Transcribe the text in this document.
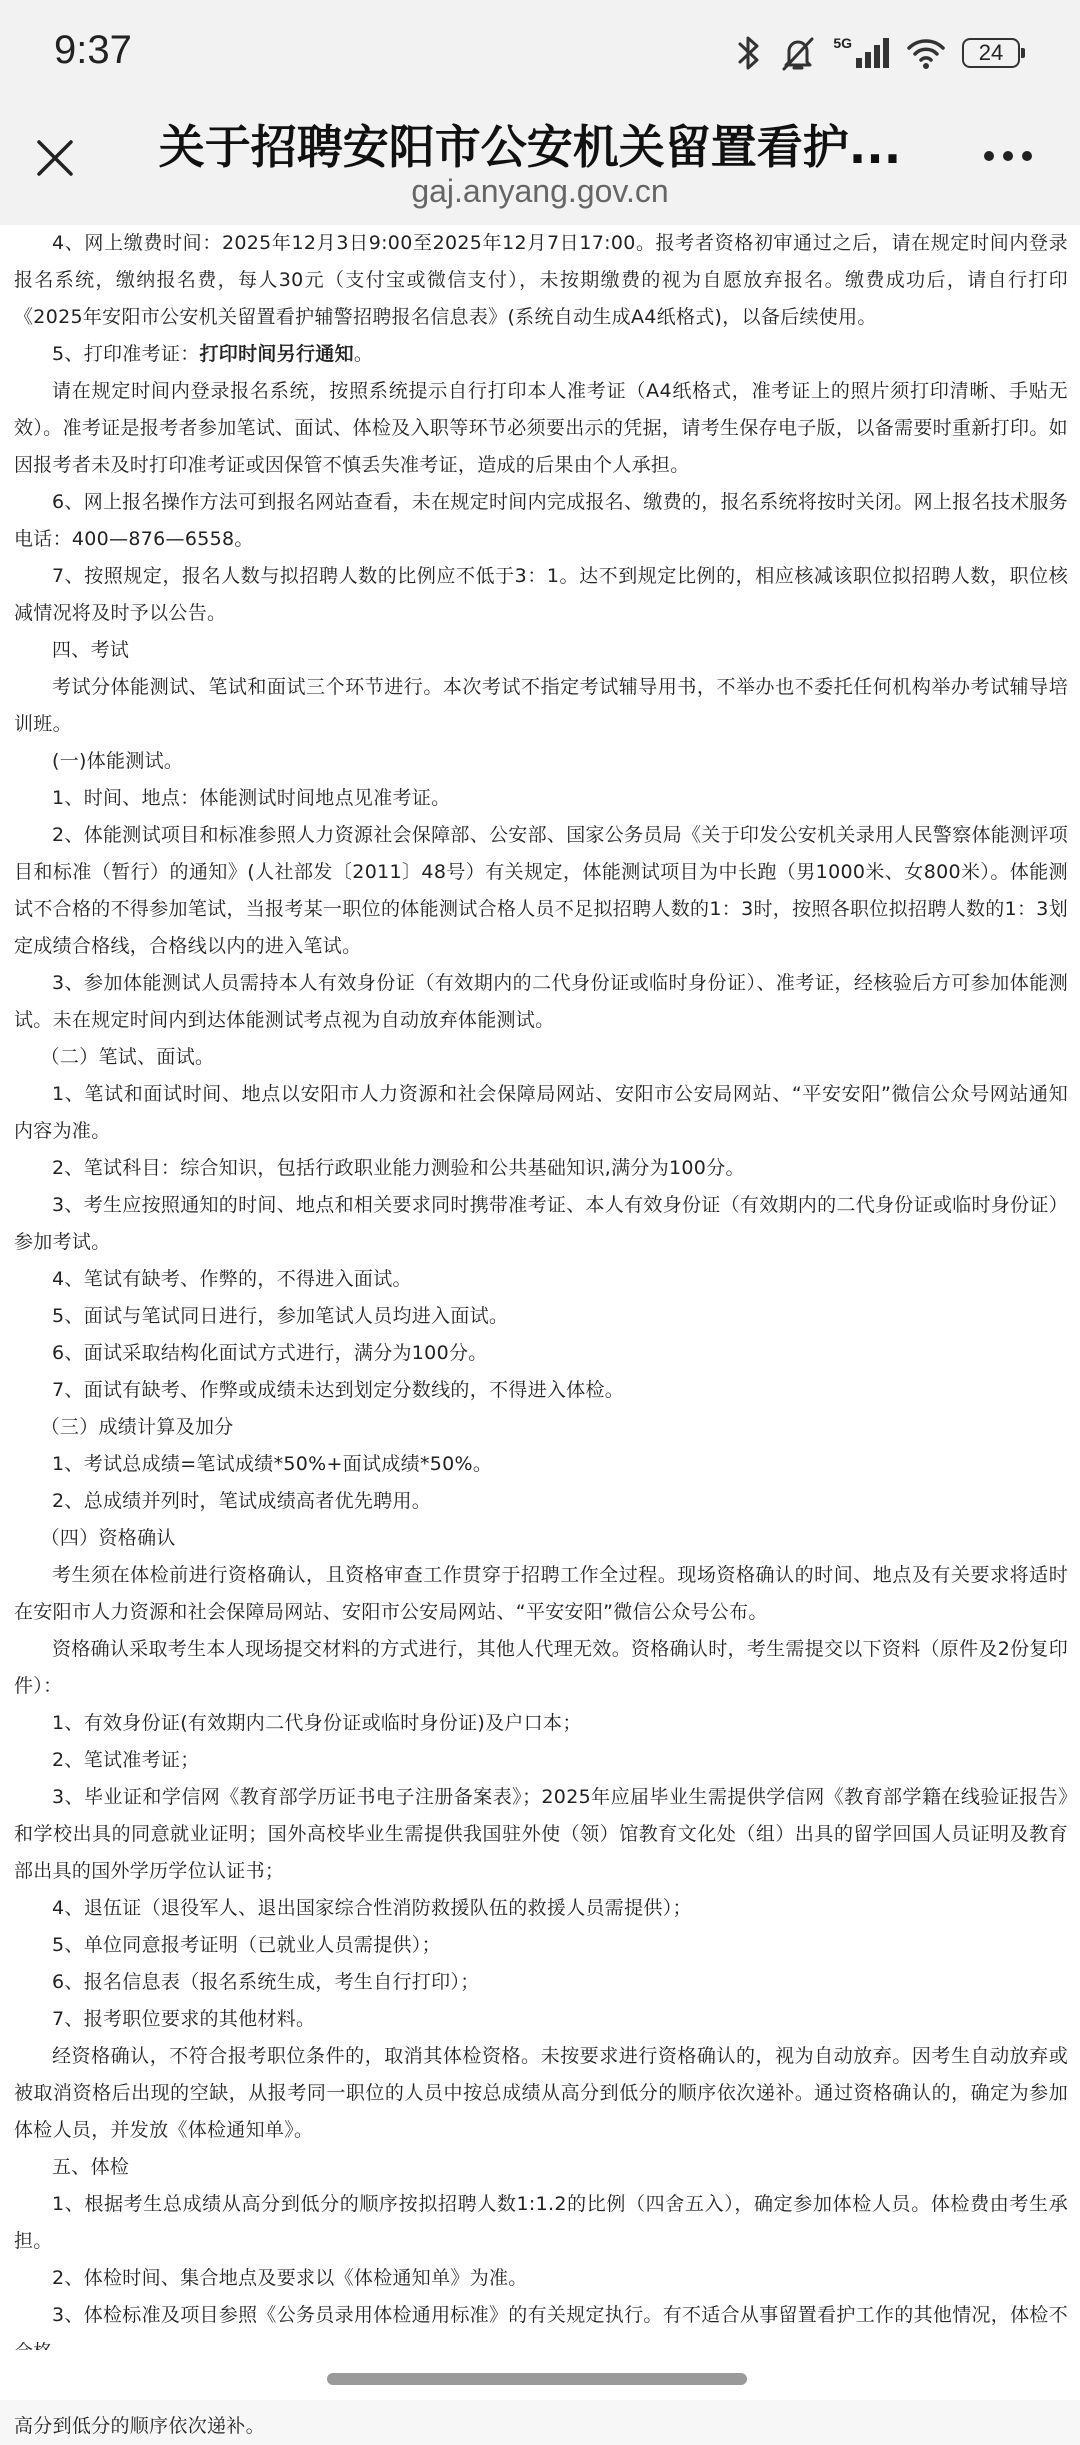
9:37	5G	24
关于招聘安阳市公安机关留置看护...
gaj.anyang.gov.cn

4、网上缴费时间：2025年12月3日9:00至2025年12月7日17:00。报考者资格初审通过之后，请在规定时间内登录报名系统，缴纳报名费，每人30元（支付宝或微信支付），未按期缴费的视为自愿放弃报名。缴费成功后，请自行打印《2025年安阳市公安机关留置看护辅警招聘报名信息表》(系统自动生成A4纸格式)，以备后续使用。

5、打印准考证：打印时间另行通知。

请在规定时间内登录报名系统，按照系统提示自行打印本人准考证（A4纸格式，准考证上的照片须打印清晰、手贴无效）。准考证是报考者参加笔试、面试、体检及入职等环节必须要出示的凭据，请考生保存电子版，以备需要时重新打印。如因报考者未及时打印准考证或因保管不慎丢失准考证，造成的后果由个人承担。

6、网上报名操作方法可到报名网站查看，未在规定时间内完成报名、缴费的，报名系统将按时关闭。网上报名技术服务电话：400—876—6558。

7、按照规定，报名人数与拟招聘人数的比例应不低于3：1。达不到规定比例的，相应核减该职位拟招聘人数，职位核减情况将及时予以公告。

四、考试

考试分体能测试、笔试和面试三个环节进行。本次考试不指定考试辅导用书，不举办也不委托任何机构举办考试辅导培训班。

(一)体能测试。

1、时间、地点：体能测试时间地点见准考证。

2、体能测试项目和标准参照人力资源社会保障部、公安部、国家公务员局《关于印发公安机关录用人民警察体能测评项目和标准（暂行）的通知》(人社部发〔2011〕48号）有关规定，体能测试项目为中长跑（男1000米、女800米）。体能测试不合格的不得参加笔试，当报考某一职位的体能测试合格人员不足拟招聘人数的1：3时，按照各职位拟招聘人数的1：3划定成绩合格线，合格线以内的进入笔试。

3、参加体能测试人员需持本人有效身份证（有效期内的二代身份证或临时身份证）、准考证，经核验后方可参加体能测试。未在规定时间内到达体能测试考点视为自动放弃体能测试。

（二）笔试、面试。

1、笔试和面试时间、地点以安阳市人力资源和社会保障局网站、安阳市公安局网站、“平安安阳”微信公众号网站通知内容为准。

2、笔试科目：综合知识，包括行政职业能力测验和公共基础知识,满分为100分。

3、考生应按照通知的时间、地点和相关要求同时携带准考证、本人有效身份证（有效期内的二代身份证或临时身份证）参加考试。

4、笔试有缺考、作弊的，不得进入面试。

5、面试与笔试同日进行，参加笔试人员均进入面试。

6、面试采取结构化面试方式进行，满分为100分。

7、面试有缺考、作弊或成绩未达到划定分数线的，不得进入体检。

（三）成绩计算及加分

1、考试总成绩=笔试成绩*50%+面试成绩*50%。

2、总成绩并列时，笔试成绩高者优先聘用。

（四）资格确认

考生须在体检前进行资格确认，且资格审查工作贯穿于招聘工作全过程。现场资格确认的时间、地点及有关要求将适时在安阳市人力资源和社会保障局网站、安阳市公安局网站、“平安安阳”微信公众号公布。

资格确认采取考生本人现场提交材料的方式进行，其他人代理无效。资格确认时，考生需提交以下资料（原件及2份复印件）：

1、有效身份证(有效期内二代身份证或临时身份证)及户口本；

2、笔试准考证；

3、毕业证和学信网《教育部学历证书电子注册备案表》；2025年应届毕业生需提供学信网《教育部学籍在线验证报告》和学校出具的同意就业证明；国外高校毕业生需提供我国驻外使（领）馆教育文化处（组）出具的留学回国人员证明及教育部出具的国外学历学位认证书；

4、退伍证（退役军人、退出国家综合性消防救援队伍的救援人员需提供）；

5、单位同意报考证明（已就业人员需提供）；

6、报名信息表（报名系统生成，考生自行打印）；

7、报考职位要求的其他材料。

经资格确认，不符合报考职位条件的，取消其体检资格。未按要求进行资格确认的，视为自动放弃。因考生自动放弃或被取消资格后出现的空缺，从报考同一职位的人员中按总成绩从高分到低分的顺序依次递补。通过资格确认的，确定为参加体检人员，并发放《体检通知单》。

五、体检

1、根据考生总成绩从高分到低分的顺序按拟招聘人数1:1.2的比例（四舍五入），确定参加体检人员。体检费由考生承担。

2、体检时间、集合地点及要求以《体检通知单》为准。

3、体检标准及项目参照《公务员录用体检通用标准》的有关规定执行。有不适合从事留置看护工作的其他情况，体检不

高分到低分的顺序依次递补。
